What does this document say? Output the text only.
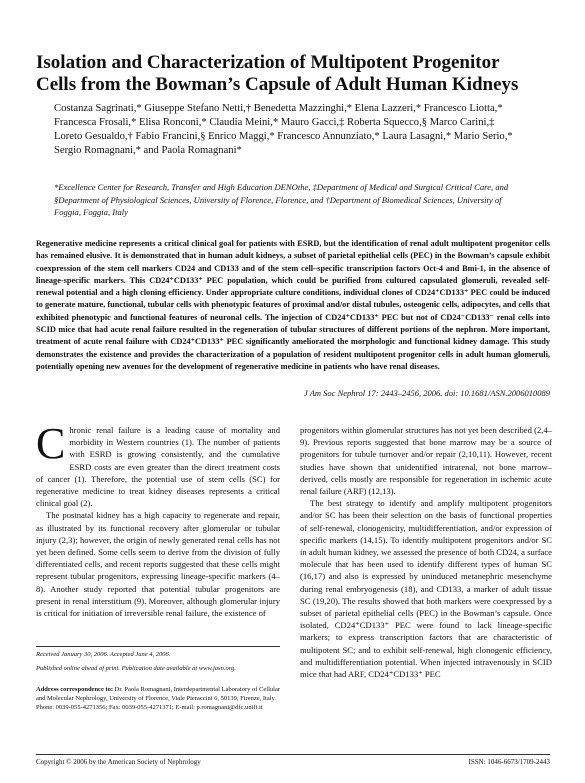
Isolation and Characterization of Multipotent Progenitor
Cells from the Bowman’s Capsule of Adult Human Kidneys
Costanza Sagrinati,* Giuseppe Stefano Netti,† Benedetta Mazzinghi,* Elena Lazzeri,* Francesco Liotta,* Francesca Frosali,* Elisa Ronconi,* Claudia Meini,* Mauro Gacci,‡ Roberta Squecco,§ Marco Carini,‡ Loreto Gesualdo,† Fabio Francini,§ Enrico Maggi,* Francesco Annunziato,* Laura Lasagni,* Mario Serio,* Sergio Romagnani,* and Paola Romagnani*
*Excellence Center for Research, Transfer and High Education DENOthe, ‡Department of Medical and Surgical Critical Care, and §Department of Physiological Sciences, University of Florence, Florence, and †Department of Biomedical Sciences, University of Foggia, Foggia, Italy
Regenerative medicine represents a critical clinical goal for patients with ESRD, but the identification of renal adult multipotent progenitor cells has remained elusive. It is demonstrated that in human adult kidneys, a subset of parietal epithelial cells (PEC) in the Bowman’s capsule exhibit coexpression of the stem cell markers CD24 and CD133 and of the stem cell–specific transcription factors Oct-4 and Bmi-1, in the absence of lineage-specific markers. This CD24⁺CD133⁺ PEC population, which could be purified from cultured capsulated glomeruli, revealed self-renewal potential and a high cloning efficiency. Under appropriate culture conditions, individual clones of CD24⁺CD133⁺ PEC could be induced to generate mature, functional, tubular cells with phenotypic features of proximal and/or distal tubules, osteogenic cells, adipocytes, and cells that exhibited phenotypic and functional features of neuronal cells. The injection of CD24⁺CD133⁺ PEC but not of CD24⁻CD133⁻ renal cells into SCID mice that had acute renal failure resulted in the regeneration of tubular structures of different portions of the nephron. More important, treatment of acute renal failure with CD24⁺CD133⁺ PEC significantly ameliorated the morphologic and functional kidney damage. This study demonstrates the existence and provides the characterization of a population of resident multipotent progenitor cells in adult human glomeruli, potentially opening new avenues for the development of regenerative medicine in patients who have renal diseases.
J Am Soc Nephrol 17: 2443–2456, 2006. doi: 10.1681/ASN.2006010089

Chronic renal failure is a leading cause of mortality and morbidity in Western countries (1). The number of patients with ESRD is growing consistently, and the cumulative ESRD costs are even greater than the direct treatment costs of cancer (1). Therefore, the potential use of stem cells (SC) for regenerative medicine to treat kidney diseases represents a critical clinical goal (2).

The postnatal kidney has a high capacity to regenerate and repair, as illustrated by its functional recovery after glomerular or tubular injury (2,3); however, the origin of newly generated renal cells has not yet been defined. Some cells seem to derive from the division of fully differentiated cells, and recent reports suggested that these cells might represent tubular progenitors, expressing lineage-specific markers (4–8). Another study reported that potential tubular progenitors are present in renal interstitium (9). Moreover, although glomerular injury is critical for initiation of irreversible renal failure, the existence of

progenitors within glomerular structures has not yet been described (2,4–9). Previous reports suggested that bone marrow may be a source of progenitors for tubule turnover and/or repair (2,10,11). However, recent studies have shown that unidentified intrarenal, not bone marrow–derived, cells mostly are responsible for regeneration in ischemic acute renal failure (ARF) (12,13).

The best strategy to identify and amplify multipotent progenitors and/or SC has been their selection on the basis of functional properties of self-renewal, clonogenicity, multidifferentiation, and/or expression of specific markers (14,15). To identify multipotent progenitors and/or SC in adult human kidney, we assessed the presence of both CD24, a surface molecule that has been used to identify different types of human SC (16,17) and also is expressed by uninduced metanephric mesenchyme during renal embryogenesis (18), and CD133, a marker of adult tissue SC (19,20). The results showed that both markers were coexpressed by a subset of parietal epithelial cells (PEC) in the Bowman’s capsule. Once isolated, CD24⁺CD133⁺ PEC were found to lack lineage-specific markers; to express transcription factors that are characteristic of multipotent SC; and to exhibit self-renewal, high clonogenic efficiency, and multidifferentiation potential. When injected intravenously in SCID mice that had ARF, CD24⁺CD133⁺ PEC

Received January 30, 2006. Accepted June 4, 2006.
Published online ahead of print. Publication date available at www.jasn.org.
Address correspondence to: Dr. Paola Romagnani, Interdepartmental Laboratory of Cellular and Molecular Nephrology, University of Florence, Viale Pieraccini 6, 50139, Firenze, Italy. Phone: 0039-055-4271356; Fax: 0039-055-4271371; E-mail: p.romagnani@dfc.unifi.it
Copyright © 2006 by the American Society of Nephrology	ISSN: 1046-6673/1709-2443
